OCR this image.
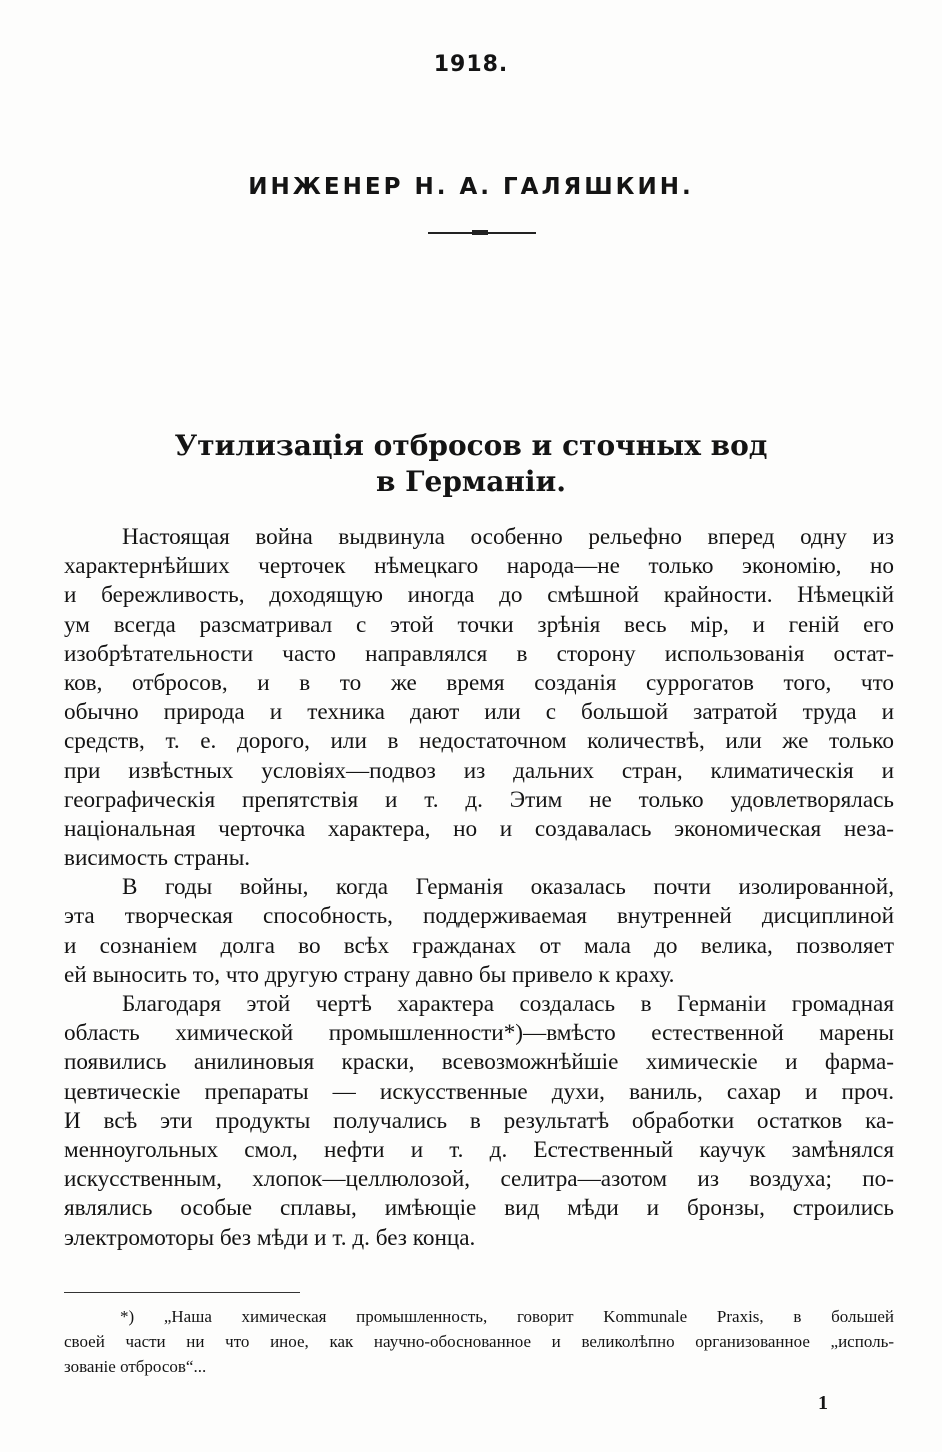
1918.
ИНЖЕНЕР Н. А. ГАЛЯШКИН.
Утилизація отбросов и сточных вод
в Германіи.
Настоящая война выдвинула особенно рельефно вперед одну из
характернѣйших черточек нѣмецкаго народа—не только экономію, но
и бережливость, доходящую иногда до смѣшной крайности. Нѣмецкій
ум всегда разсматривал с этой точки зрѣнія весь мір, и геній его
изобрѣтательности часто направлялся в сторону использованія остат-
ков, отбросов, и в то же время созданія суррогатов того, что
обычно природа и техника дают или с большой затратой труда и
средств, т. е. дорого, или в недостаточном количествѣ, или же только
при извѣстных условіях—подвоз из дальних стран, климатическія и
географическія препятствія и т. д. Этим не только удовлетворялась
національная черточка характера, но и создавалась экономическая неза-
висимость страны.
В годы войны, когда Германія оказалась почти изолированной,
эта творческая способность, поддерживаемая внутренней дисциплиной
и сознаніем долга во всѣх гражданах от мала до велика, позволяет
ей выносить то, что другую страну давно бы привело к краху.
Благодаря этой чертѣ характера создалась в Германіи громадная
область химической промышленности*)—вмѣсто естественной марены
появились анилиновыя краски, всевозможнѣйшіе химическіе и фарма-
цевтическіе препараты — искусственные духи, ваниль, сахар и проч.
И всѣ эти продукты получались в результатѣ обработки остатков ка-
менноугольных смол, нефти и т. д. Естественный каучук замѣнялся
искусственным, хлопок—целлюлозой, селитра—азотом из воздуха; по-
являлись особые сплавы, имѣющіе вид мѣди и бронзы, строились
электромоторы без мѣди и т. д. без конца.
*) „Наша химическая промышленность, говорит Kommunale Praxis, в большей
своей части ни что иное, как научно-обоснованное и великолѣпно организованное „исполь-
зованіе отбросов“...
1
